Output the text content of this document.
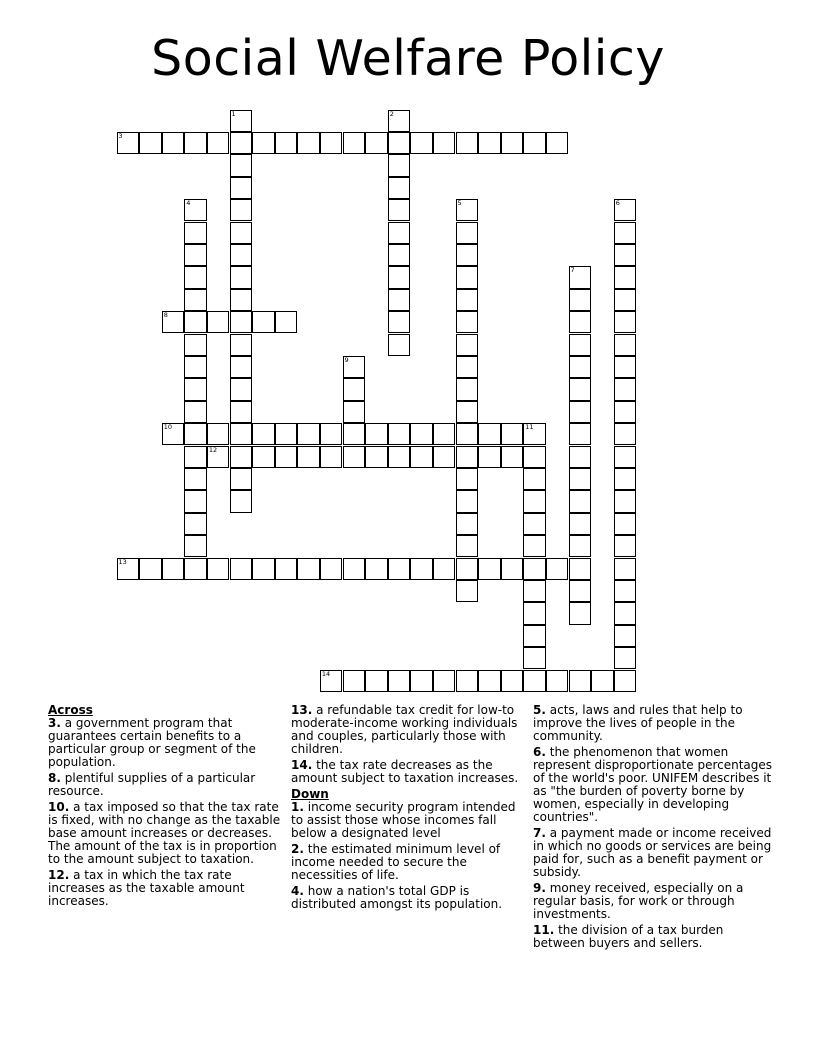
Social Welfare Policy
1	2
3
4	5	6
7
8
9
10	11
12
13
14
Across
3. a government program that guarantees certain benefits to a particular group or segment of the population.
8. plentiful supplies of a particular resource.
10. a tax imposed so that the tax rate is fixed, with no change as the taxable base amount increases or decreases. The amount of the tax is in proportion to the amount subject to taxation.
12. a tax in which the tax rate increases as the taxable amount increases.
13. a refundable tax credit for low-to moderate-income working individuals and couples, particularly those with children.
14. the tax rate decreases as the amount subject to taxation increases.
Down
1. income security program intended to assist those whose incomes fall below a designated level
2. the estimated minimum level of income needed to secure the necessities of life.
4. how a nation's total GDP is distributed amongst its population.
5. acts, laws and rules that help to improve the lives of people in the community.
6. the phenomenon that women represent disproportionate percentages of the world's poor. UNIFEM describes it as "the burden of poverty borne by women, especially in developing countries".
7. a payment made or income received in which no goods or services are being paid for, such as a benefit payment or subsidy.
9. money received, especially on a regular basis, for work or through investments.
11. the division of a tax burden between buyers and sellers.
